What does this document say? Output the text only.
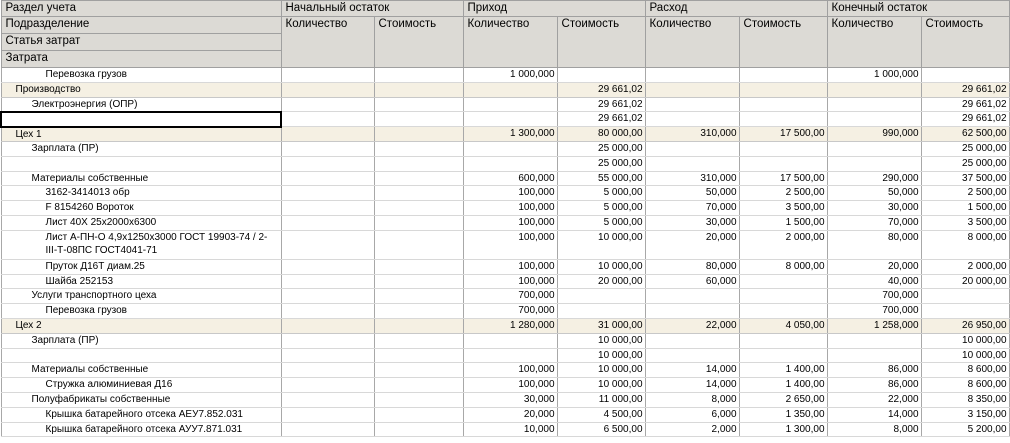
Раздел учета	Начальный остаток		Приход		Расход		Конечный остаток	
Подразделение	Количество	Стоимость	Количество	Стоимость	Количество	Стоимость	Количество	Стоимость
Статья затрат								
Затрата								
Перевозка грузов			1 000,000				1 000,000	
Производство				29 661,02				29 661,02
Электроэнергия (ОПР)				29 661,02				29 661,02
				29 661,02				29 661,02
Цех 1			1 300,000	80 000,00	310,000	17 500,00	990,000	62 500,00
Зарплата (ПР)				25 000,00				25 000,00
				25 000,00				25 000,00
Материалы собственные			600,000	55 000,00	310,000	17 500,00	290,000	37 500,00
3162-3414013 обр			100,000	5 000,00	50,000	2 500,00	50,000	2 500,00
F 8154260 Вороток			100,000	5 000,00	70,000	3 500,00	30,000	1 500,00
Лист 40Х 25х2000х6300			100,000	5 000,00	30,000	1 500,00	70,000	3 500,00
Лист А-ПН-О 4,9х1250х3000 ГОСТ 19903-74 / 2-III-Т-08ПС ГОСТ4041-71			100,000	10 000,00	20,000	2 000,00	80,000	8 000,00
Пруток Д16Т диам.25			100,000	10 000,00	80,000	8 000,00	20,000	2 000,00
Шайба 252153			100,000	20 000,00	60,000		40,000	20 000,00
Услуги транспортного цеха			700,000				700,000	
Перевозка грузов			700,000				700,000	
Цех 2			1 280,000	31 000,00	22,000	4 050,00	1 258,000	26 950,00
Зарплата (ПР)				10 000,00				10 000,00
				10 000,00				10 000,00
Материалы собственные			100,000	10 000,00	14,000	1 400,00	86,000	8 600,00
Стружка алюминиевая Д16			100,000	10 000,00	14,000	1 400,00	86,000	8 600,00
Полуфабрикаты собственные			30,000	11 000,00	8,000	2 650,00	22,000	8 350,00
Крышка батарейного отсека АЕУ7.852.031			20,000	4 500,00	6,000	1 350,00	14,000	3 150,00
Крышка батарейного отсека АУУ7.871.031			10,000	6 500,00	2,000	1 300,00	8,000	5 200,00
